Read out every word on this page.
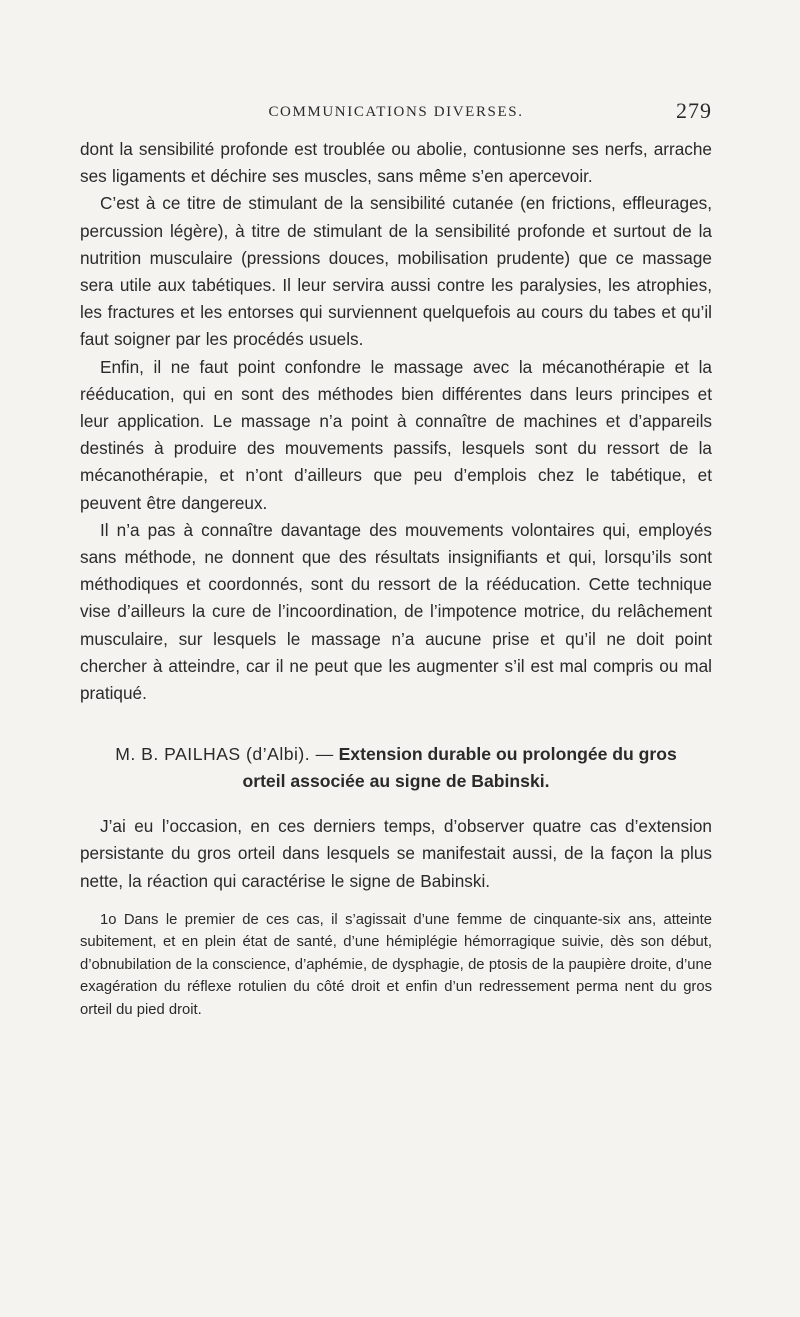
COMMUNICATIONS DIVERSES.	279

dont la sensibilité profonde est troublée ou abolie, contusionne ses nerfs, arrache ses ligaments et déchire ses muscles, sans même s’en apercevoir.

C’est à ce titre de stimulant de la sensibilité cutanée (en frictions, effleurages, percussion légère), à titre de stimulant de la sensibilité profonde et surtout de la nutrition musculaire (pressions douces, mobilisation prudente) que ce massage sera utile aux tabétiques. Il leur servira aussi contre les paralysies, les atrophies, les fractures et les entorses qui surviennent quelquefois au cours du tabes et qu’il faut soigner par les procédés usuels.

Enfin, il ne faut point confondre le massage avec la mécanothérapie et la rééducation, qui en sont des méthodes bien différentes dans leurs principes et leur application. Le massage n’a point à connaître de machines et d’appareils destinés à produire des mouvements passifs, lesquels sont du ressort de la mécanothérapie, et n’ont d’ailleurs que peu d’emplois chez le tabétique, et peuvent être dangereux.

Il n’a pas à connaître davantage des mouvements volontaires qui, employés sans méthode, ne donnent que des résultats insignifiants et qui, lorsqu’ils sont méthodiques et coordonnés, sont du ressort de la rééducation. Cette technique vise d’ailleurs la cure de l’incoordination, de l’impotence motrice, du relâchement musculaire, sur lesquels le massage n’a aucune prise et qu’il ne doit point chercher à atteindre, car il ne peut que les augmenter s’il est mal compris ou mal pratiqué.

M. B. PAILHAS (d’Albi). — Extension durable ou prolongée du gros orteil associée au signe de Babinski.

J’ai eu l’occasion, en ces derniers temps, d’observer quatre cas d’extension persistante du gros orteil dans lesquels se manifestait aussi, de la façon la plus nette, la réaction qui caractérise le signe de Babinski.

1o Dans le premier de ces cas, il s’agissait d’une femme de cinquante-six ans, atteinte subitement, et en plein état de santé, d’une hémiplégie hémorragique suivie, dès son début, d’obnubilation de la conscience, d’aphémie, de dysphagie, de ptosis de la paupière droite, d’une exagération du réflexe rotulien du côté droit et enfin d’un redressement perma nent du gros orteil du pied droit.
